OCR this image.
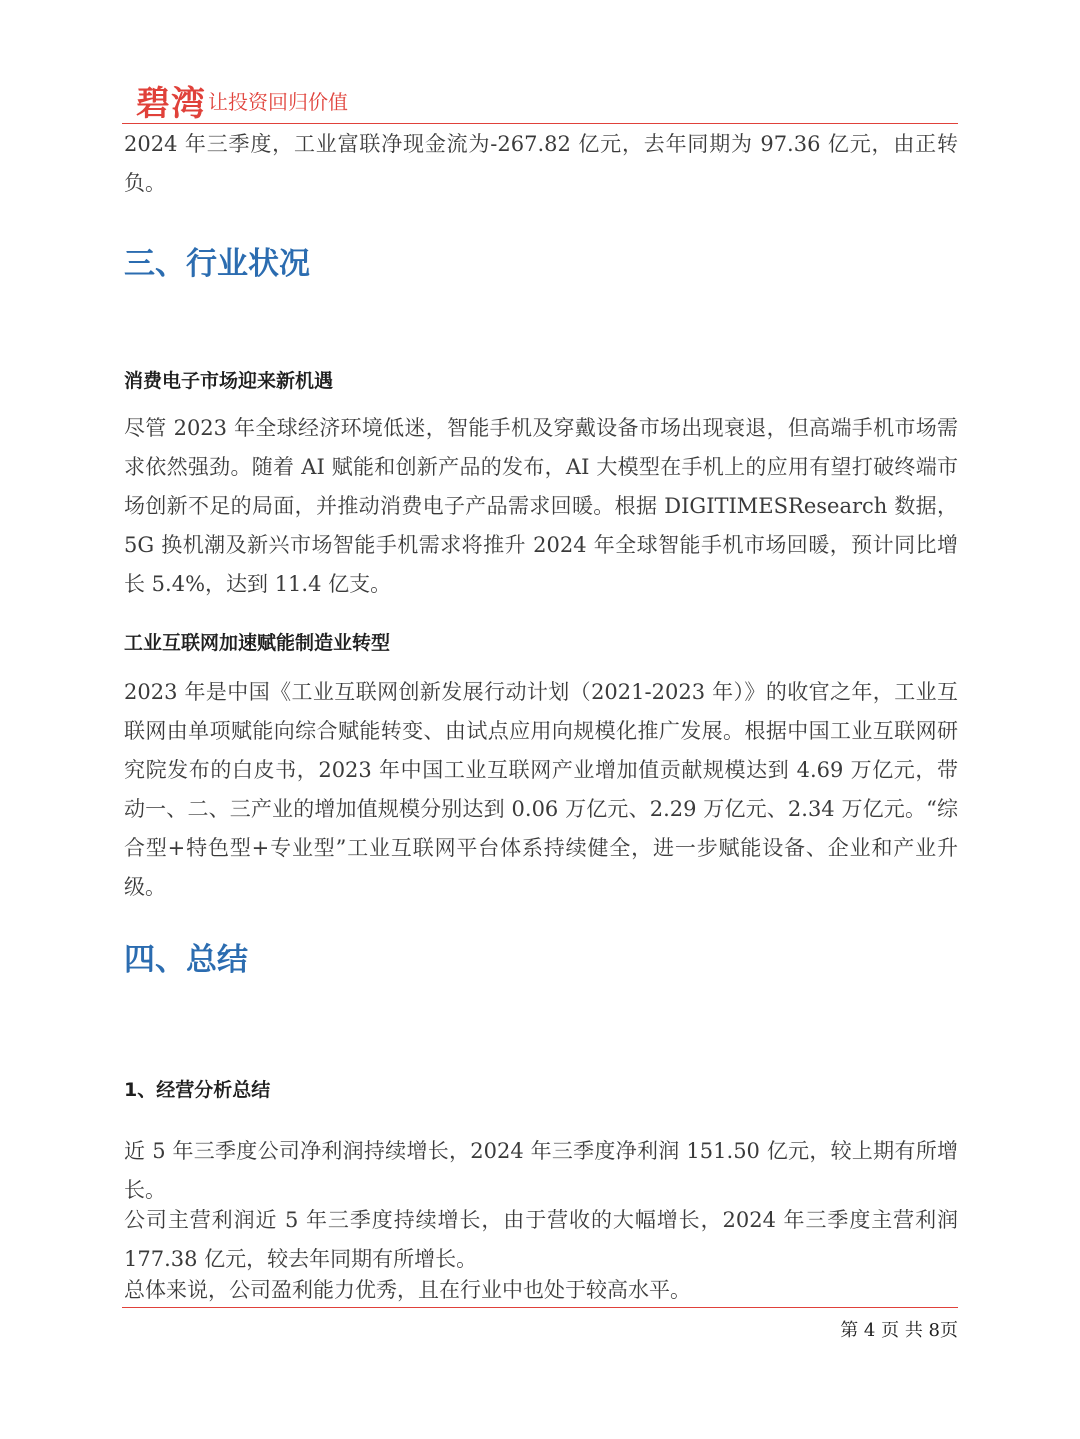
碧湾 让投资回归价值

2024 年三季度，工业富联净现金流为-267.82 亿元，去年同期为 97.36 亿元，由正转负。

三、行业状况
消费电子市场迎来新机遇

尽管 2023 年全球经济环境低迷，智能手机及穿戴设备市场出现衰退，但高端手机市场需求依然强劲。随着 AI 赋能和创新产品的发布，AI 大模型在手机上的应用有望打破终端市场创新不足的局面，并推动消费电子产品需求回暖。根据 DIGITIMESResearch 数据，5G 换机潮及新兴市场智能手机需求将推升 2024 年全球智能手机市场回暖，预计同比增长 5.4%，达到 11.4 亿支。

工业互联网加速赋能制造业转型

2023 年是中国《工业互联网创新发展行动计划（2021-2023 年）》的收官之年，工业互联网由单项赋能向综合赋能转变、由试点应用向规模化推广发展。根据中国工业互联网研究院发布的白皮书，2023 年中国工业互联网产业增加值贡献规模达到 4.69 万亿元，带动一、二、三产业的增加值规模分别达到 0.06 万亿元、2.29 万亿元、2.34 万亿元。“综合型+特色型+专业型”工业互联网平台体系持续健全，进一步赋能设备、企业和产业升级。

四、总结
1、经营分析总结

近 5 年三季度公司净利润持续增长，2024 年三季度净利润 151.50 亿元，较上期有所增长。

公司主营利润近 5 年三季度持续增长，由于营收的大幅增长，2024 年三季度主营利润 177.38 亿元，较去年同期有所增长。

总体来说，公司盈利能力优秀，且在行业中也处于较高水平。

第 4 页 共 8页
